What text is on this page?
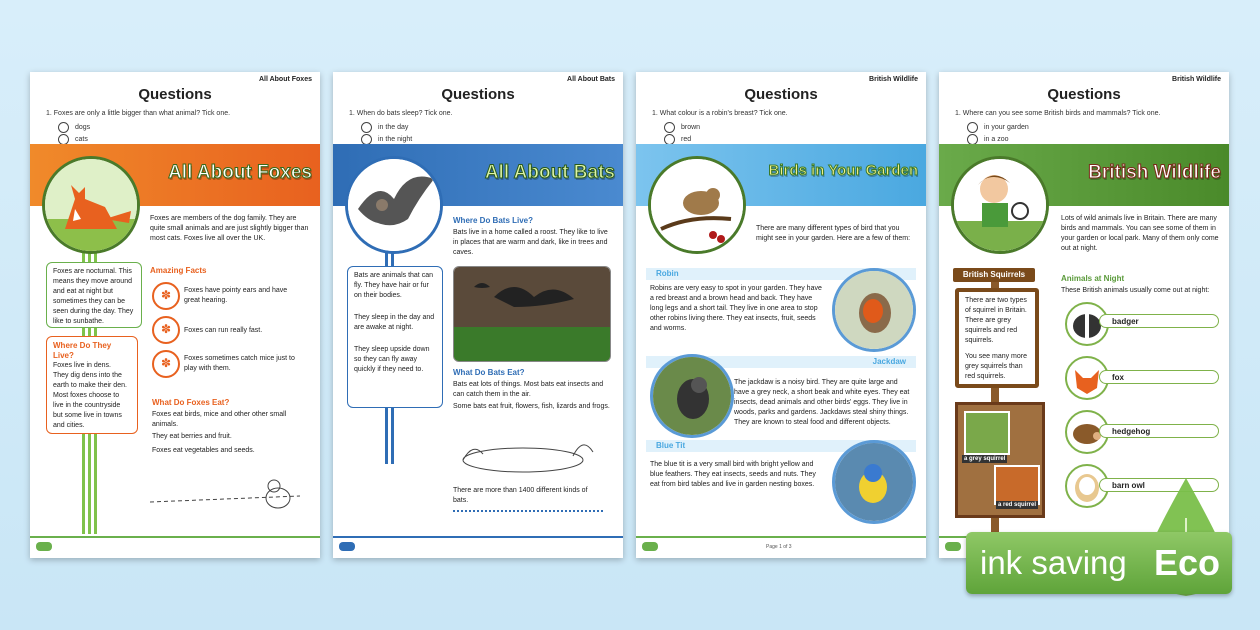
All About Foxes
Questions
1. Foxes are only a little bigger than what animal? Tick one.
dogs
cats
All About Foxes
Foxes are members of the dog family. They are quite small animals and are just slightly bigger than most cats. Foxes live all over the UK.
Foxes are nocturnal. This means they move around and eat at night but sometimes they can be seen during the day. They like to sunbathe.
Where Do They Live?
Foxes live in dens.
They dig dens into the earth to make their den.
Most foxes choose to live in the countryside but some live in towns and cities.
Amazing Facts
✽	Foxes have pointy ears and have great hearing.
✽	Foxes can run really fast.
✽	Foxes sometimes catch mice just to play with them.
What Do Foxes Eat?
Foxes eat birds, mice and other other small animals.
They eat berries and fruit.
Foxes eat vegetables and seeds.
All About Bats
Questions
1. When do bats sleep? Tick one.
in the day
in the night
All About Bats
Where Do Bats Live?
Bats live in a home called a roost. They like to live in places that are warm and dark, like in trees and caves.
Bats are animals that can fly. They have hair or fur on their bodies.
They sleep in the day and are awake at night.
They sleep upside down so they can fly away quickly if they need to.	What Do Bats Eat?
Bats eat lots of things. Most bats eat insects and can catch them in the air.
Some bats eat fruit, flowers, fish, lizards and frogs.
There are more than 1400 different kinds of bats.
British Wildlife
Questions
1. What colour is a robin's breast? Tick one.
brown
red
Birds in Your Garden
There are many different types of bird that you might see in your garden. Here are a few of them:
Robin
Robins are very easy to spot in your garden. They have a red breast and a brown head and back. They have long legs and a short tail. They live in one area to stop other robins living there. They eat insects, fruit, seeds and worms.
Jackdaw
The jackdaw is a noisy bird. They are quite large and have a grey neck, a short beak and white eyes. They eat insects, dead animals and other birds' eggs. They live in woods, parks and gardens. Jackdaws steal shiny things. They are known to steal food and different objects.
Blue Tit
The blue tit is a very small bird with bright yellow and blue feathers. They eat insects, seeds and nuts. They eat from bird tables and live in garden nesting boxes.
Page 1 of 3
British Wildlife
Questions
1. Where can you see some British birds and mammals? Tick one.
in your garden
in a zoo
British Wildlife
Lots of wild animals live in Britain. There are many birds and mammals. You can see some of them in your garden or local park. Many of them only come out at night.
British Squirrels
There are two types of squirrel in Britain. There are grey squirrels and red squirrels.
You see many more grey squirrels than red squirrels.
a grey squirrel
a red squirrel
Animals at Night
These British animals usually come out at night:
badger
fox
hedgehog
barn owl
ink saving Eco
